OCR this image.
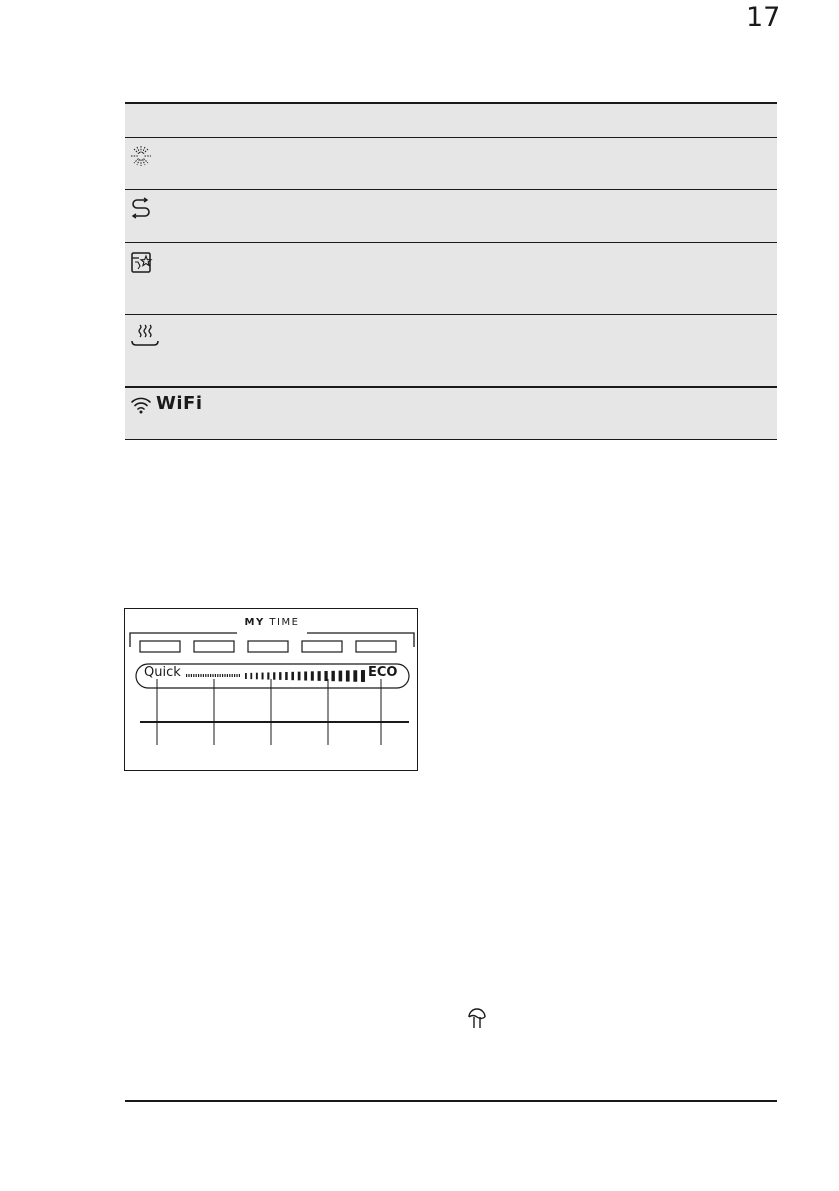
17
WiFi
MY TIME
Quick	ECO
